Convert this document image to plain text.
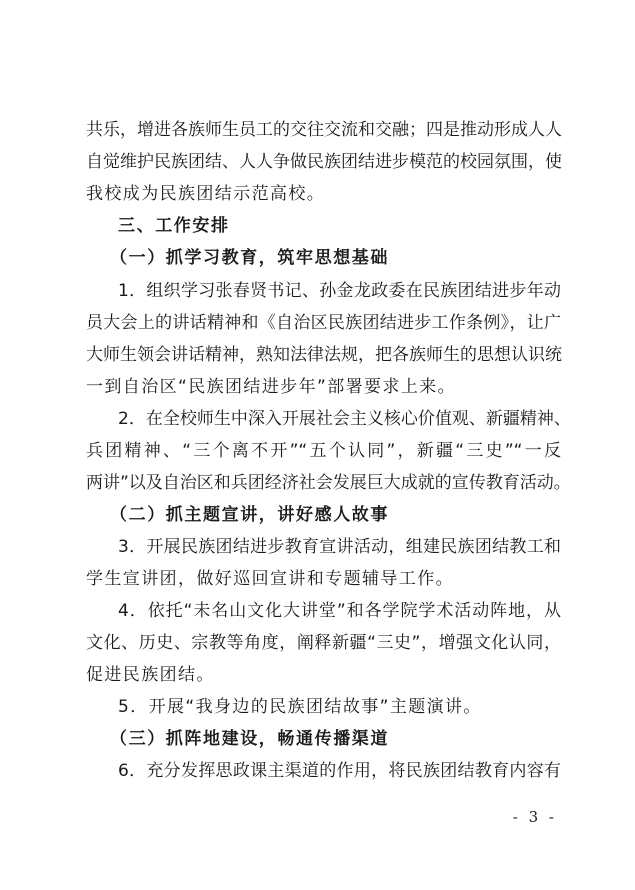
共乐，增进各族师生员工的交往交流和交融；四是推动形成人人
自觉维护民族团结、人人争做民族团结进步模范的校园氛围，使
我校成为民族团结示范高校。
三、工作安排
（一）抓学习教育，筑牢思想基础
1．组织学习张春贤书记、孙金龙政委在民族团结进步年动
员大会上的讲话精神和《自治区民族团结进步工作条例》，让广
大师生领会讲话精神，熟知法律法规，把各族师生的思想认识统
一到自治区“民族团结进步年”部署要求上来。
2．在全校师生中深入开展社会主义核心价值观、新疆精神、
兵团精神、“三个离不开”“五个认同”，新疆“三史”“一反
两讲”以及自治区和兵团经济社会发展巨大成就的宣传教育活动。
（二）抓主题宣讲，讲好感人故事
3．开展民族团结进步教育宣讲活动，组建民族团结教工和
学生宣讲团，做好巡回宣讲和专题辅导工作。
4．依托“未名山文化大讲堂”和各学院学术活动阵地，从
文化、历史、宗教等角度，阐释新疆“三史”，增强文化认同，
促进民族团结。
5．开展“我身边的民族团结故事”主题演讲。
（三）抓阵地建设，畅通传播渠道
6．充分发挥思政课主渠道的作用，将民族团结教育内容有
- 3 -
